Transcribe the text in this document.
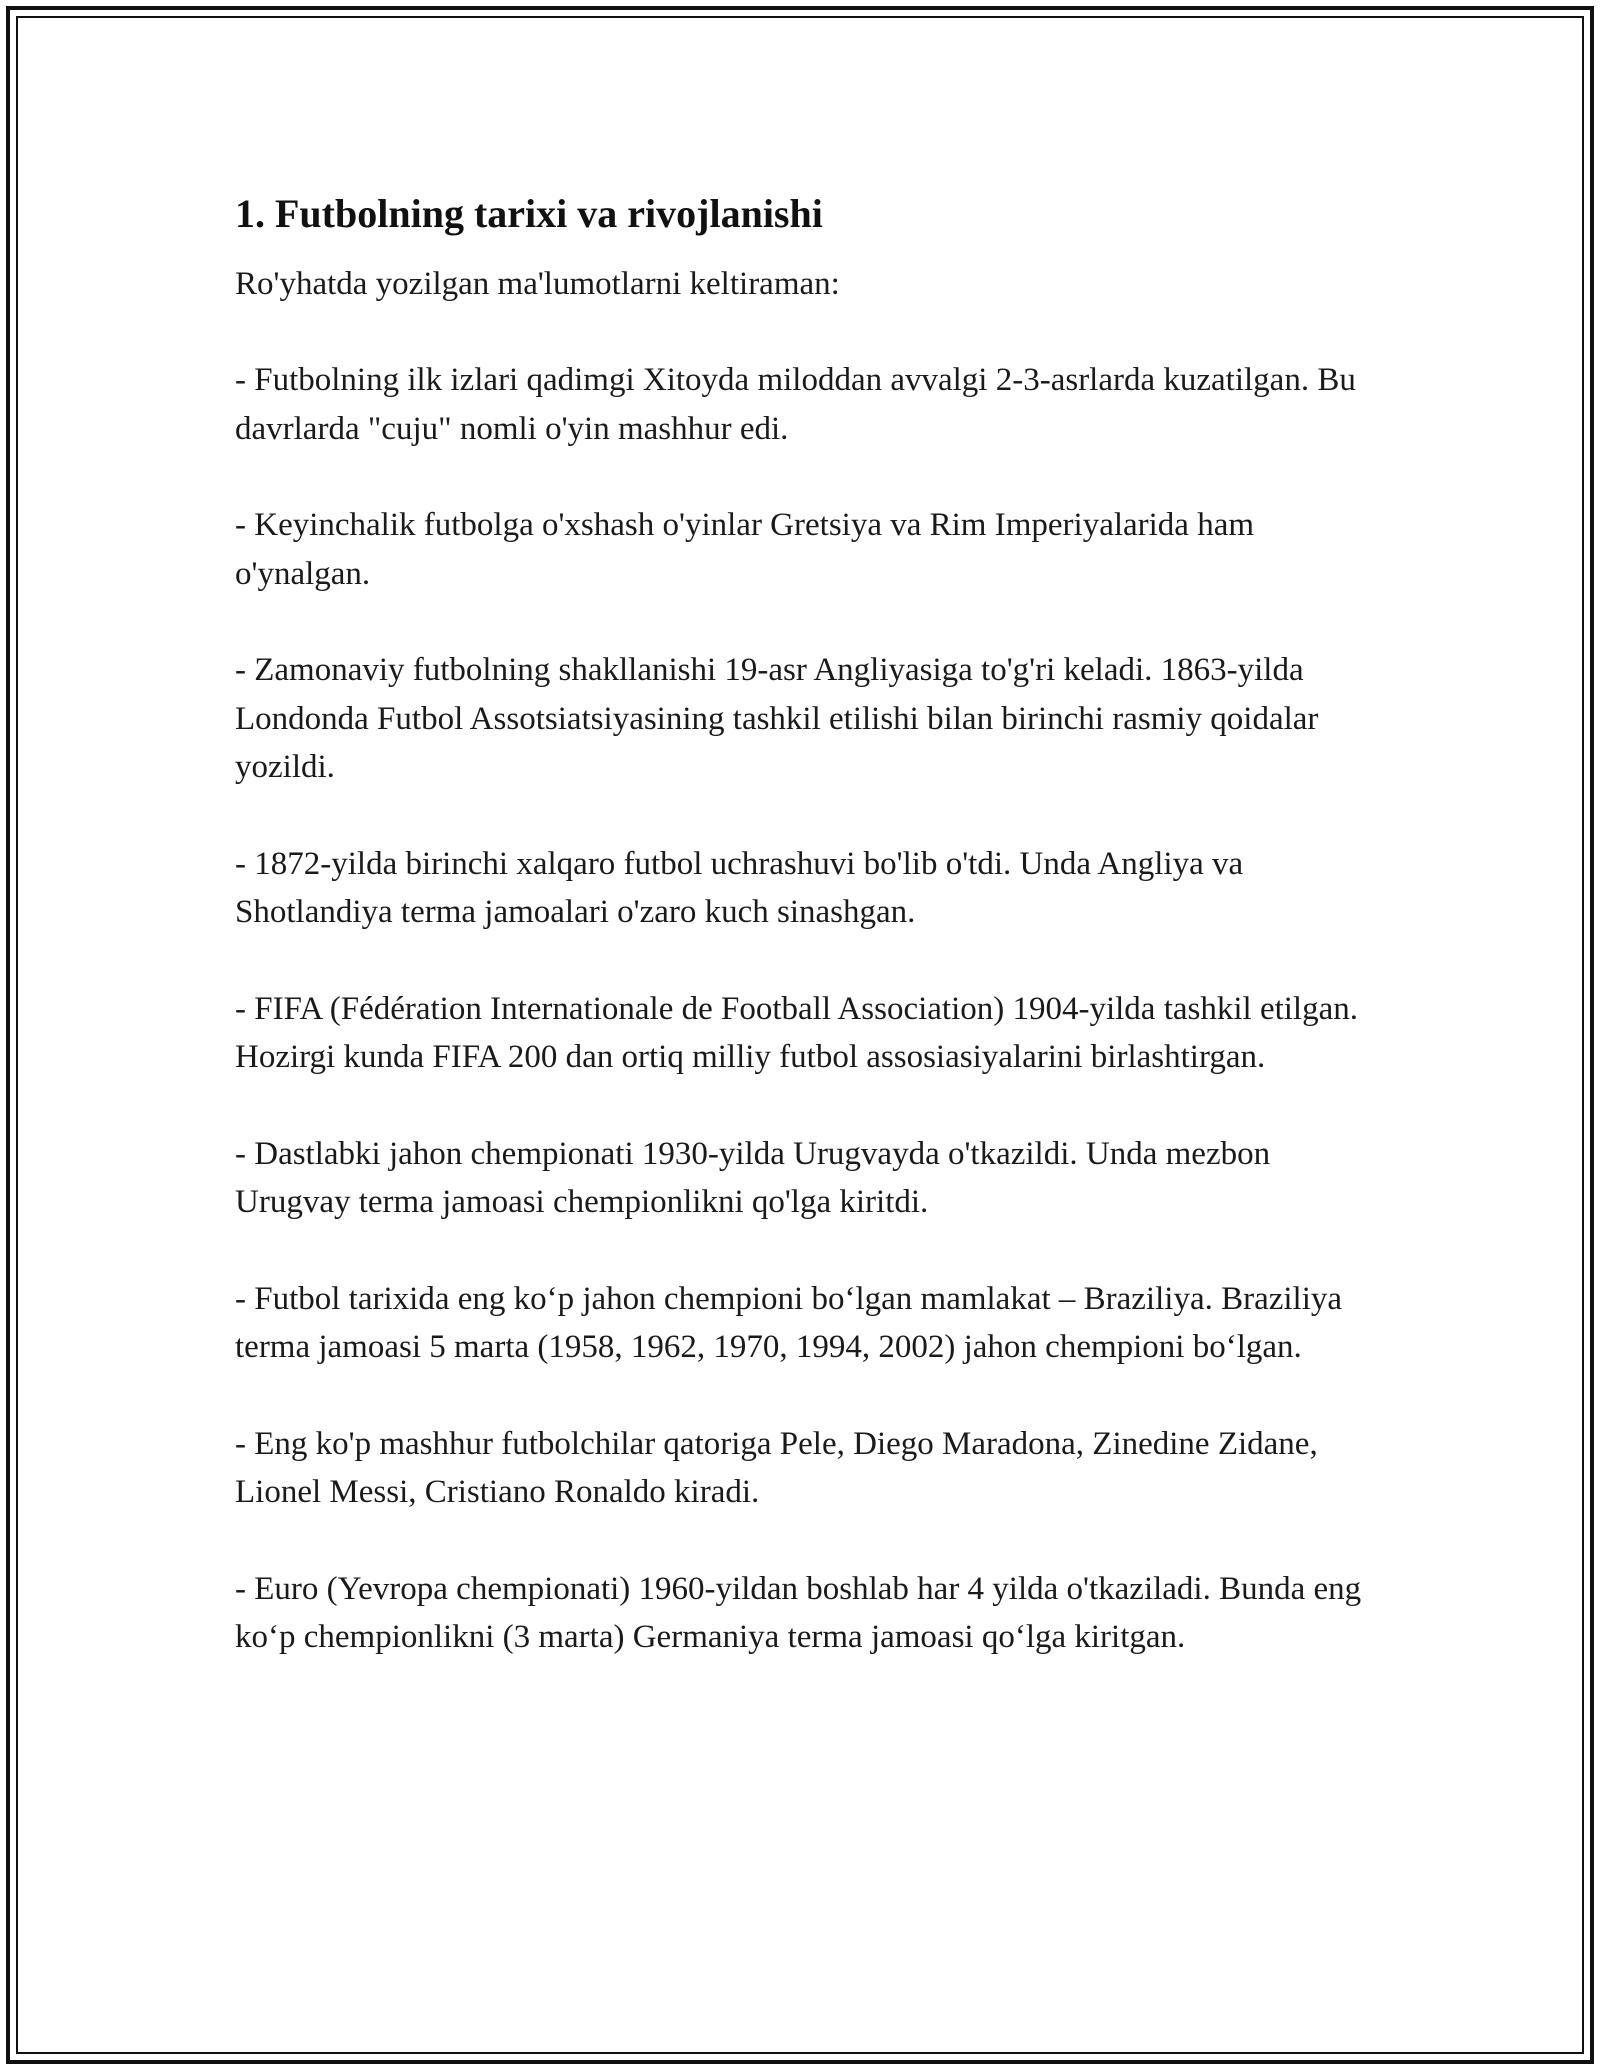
1. Futbolning tarixi va rivojlanishi

Ro'yhatda yozilgan ma'lumotlarni keltiraman:

- Futbolning ilk izlari qadimgi Xitoyda miloddan avvalgi 2-3-asrlarda kuzatilgan. Bu davrlarda "cuju" nomli o'yin mashhur edi.

- Keyinchalik futbolga o'xshash o'yinlar Gretsiya va Rim Imperiyalarida ham o'ynalgan.

- Zamonaviy futbolning shakllanishi 19-asr Angliyasiga to'g'ri keladi. 1863-yilda Londonda Futbol Assotsiatsiyasining tashkil etilishi bilan birinchi rasmiy qoidalar yozildi.

- 1872-yilda birinchi xalqaro futbol uchrashuvi bo'lib o'tdi. Unda Angliya va Shotlandiya terma jamoalari o'zaro kuch sinashgan.

- FIFA (Fédération Internationale de Football Association) 1904-yilda tashkil etilgan. Hozirgi kunda FIFA 200 dan ortiq milliy futbol assosiasiyalarini birlashtirgan.

- Dastlabki jahon chempionati 1930-yilda Urugvayda o'tkazildi. Unda mezbon Urugvay terma jamoasi chempionlikni qo'lga kiritdi.

- Futbol tarixida eng ko‘p jahon chempioni bo‘lgan mamlakat – Braziliya. Braziliya terma jamoasi 5 marta (1958, 1962, 1970, 1994, 2002) jahon chempioni bo‘lgan.

- Eng ko'p mashhur futbolchilar qatoriga Pele, Diego Maradona, Zinedine Zidane, Lionel Messi, Cristiano Ronaldo kiradi.

- Euro (Yevropa chempionati) 1960-yildan boshlab har 4 yilda o'tkaziladi. Bunda eng ko‘p chempionlikni (3 marta) Germaniya terma jamoasi qo‘lga kiritgan.
